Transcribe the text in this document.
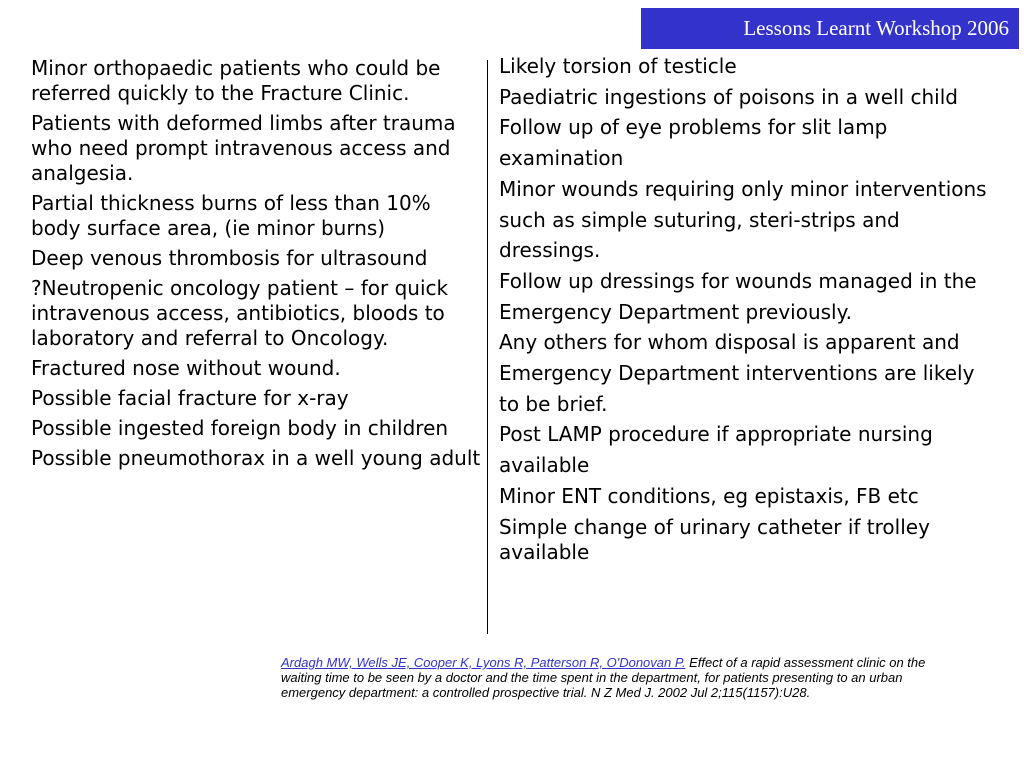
Lessons Learnt Workshop 2006
Minor orthopaedic patients who could be referred quickly to the Fracture Clinic.
Patients with deformed limbs after trauma who need prompt intravenous access and analgesia.
Partial thickness burns of less than 10% body surface area, (ie minor burns)
Deep venous thrombosis for ultrasound
?Neutropenic oncology patient – for quick intravenous access, antibiotics, bloods to laboratory and referral to Oncology.
Fractured nose without wound.
Possible facial fracture for x-ray
Possible ingested foreign body in children
Possible pneumothorax in a well young adult
Likely torsion of testicle
Paediatric ingestions of poisons in a well child
Follow up of eye problems for slit lamp examination
Minor wounds requiring only minor interventions such as simple suturing, steri-strips and dressings.
Follow up dressings for wounds managed in the Emergency Department previously.
Any others for whom disposal is apparent and Emergency Department interventions are likely to be brief.
Post LAMP procedure if appropriate nursing available
Minor ENT conditions, eg epistaxis, FB etc
Simple change of urinary catheter if trolley available
Ardagh MW, Wells JE, Cooper K, Lyons R, Patterson R, O'Donovan P. Effect of a rapid assessment clinic on the waiting time to be seen by a doctor and the time spent in the department, for patients presenting to an urban emergency department: a controlled prospective trial. N Z Med J. 2002 Jul 2;115(1157):U28.
